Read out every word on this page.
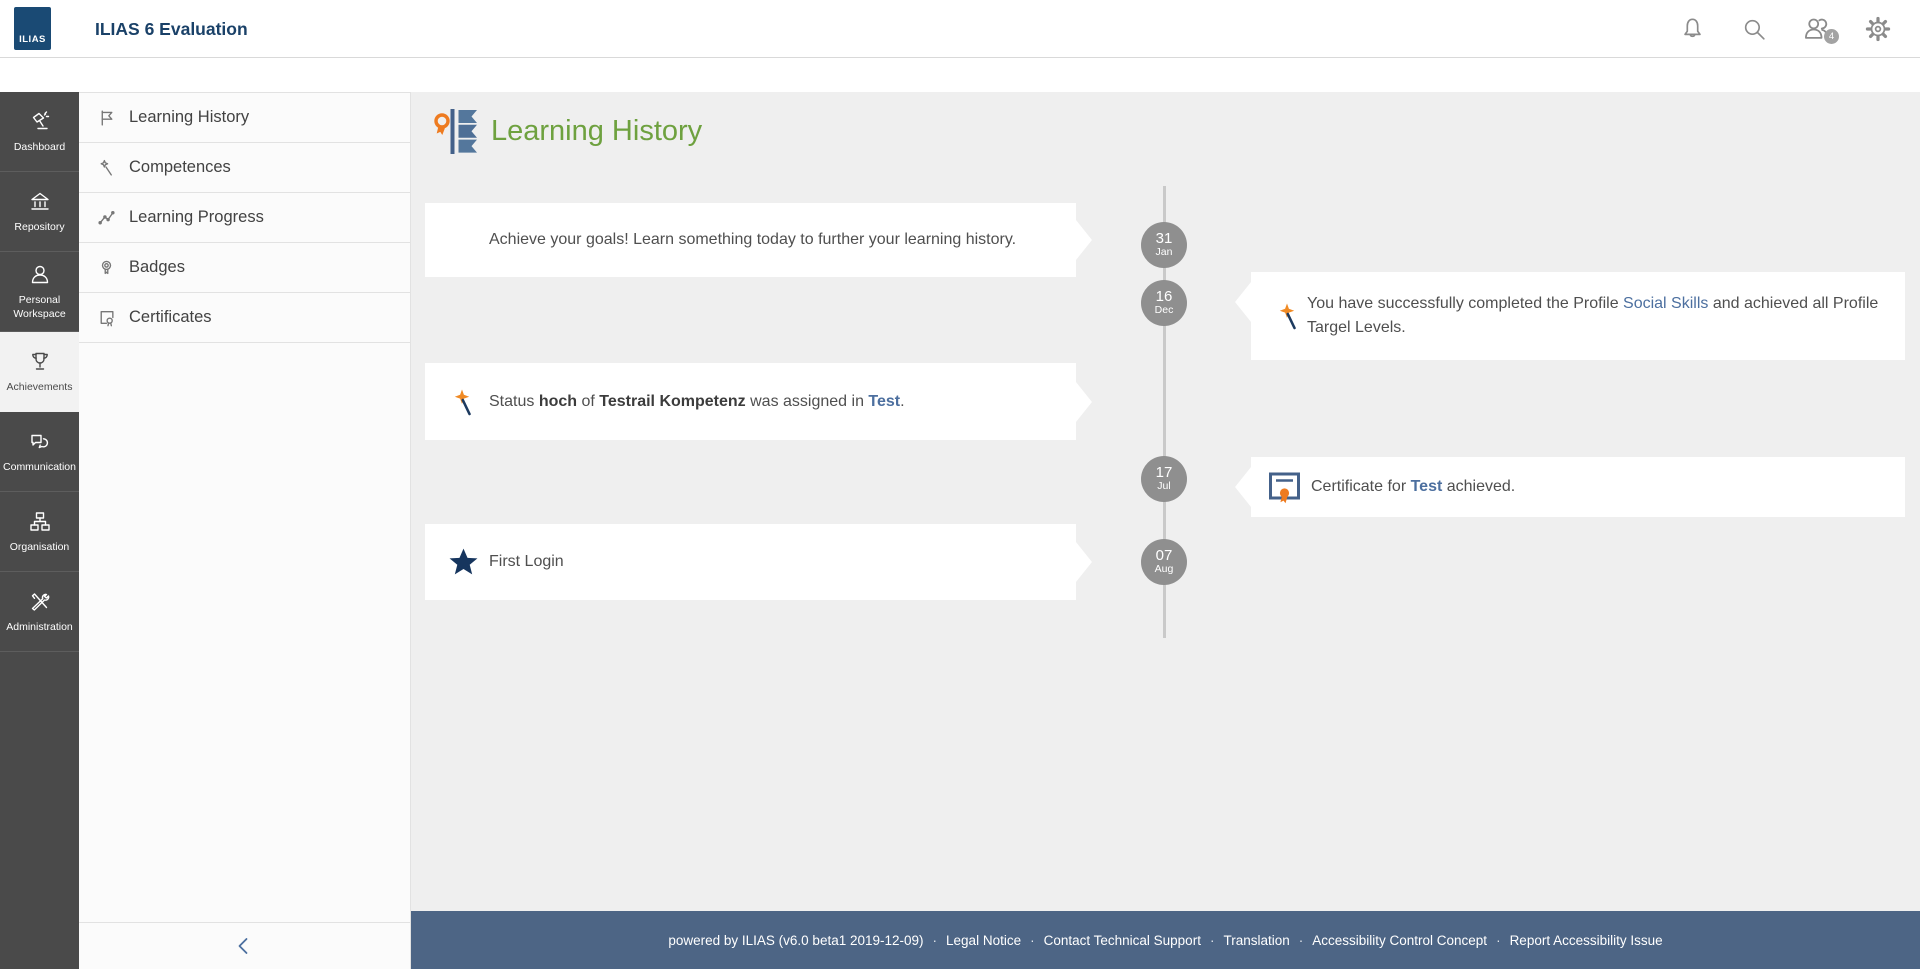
ILIAS
ILIAS 6 Evaluation	4
Dashboard
Repository
Personal Workspace
Achievements
Communication
Organisation
Administration
Learning History
Competences
Learning Progress
Badges
Certificates
Learning History
31
Jan
16
Dec
17
Jul
07
Aug
Achieve your goals! Learn something today to further your learning history.
You have successfully completed the Profile Social Skills and achieved all Profile Targel Levels.
Status hoch of Testrail Kompetenz was assigned in Test.
Certificate for Test achieved.
First Login
powered by ILIAS (v6.0 beta1 2019-12-09) · Legal Notice · Contact Technical Support · Translation · Accessibility Control Concept · Report Accessibility Issue
